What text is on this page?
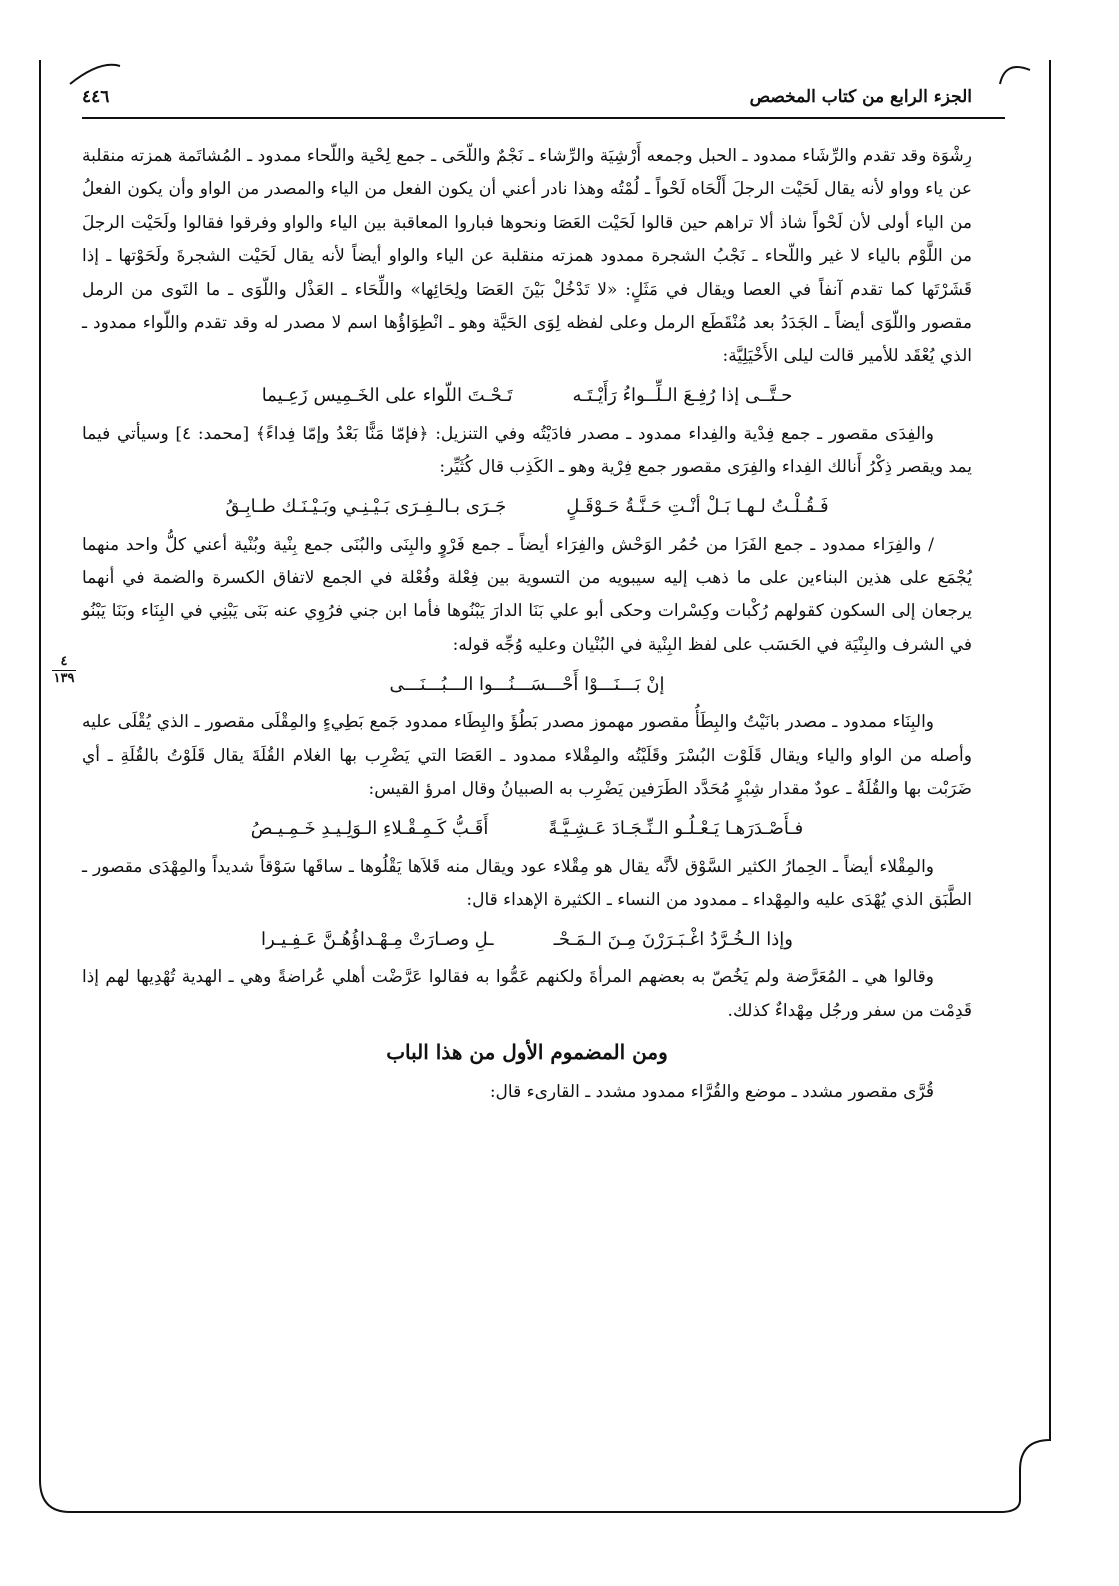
الجزء الرابع من كتاب المخصص
٤٤٦
٤
١٣٩

رِشْوَة وقد تقدم والرِّشَاء ممدود ـ الحبل وجمعه أَرْشِيَة والرِّشاء ـ نَجْمٌ واللّحَى ـ جمع لِحْية واللّحاء ممدود ـ المُشاتَمة همزته منقلبة عن ياء وواو لأنه يقال لَحَيْت الرجلَ أَلْحَاه لَحْواً ـ لُمْتُه وهذا نادر أعني أن يكون الفعل من الياء والمصدر من الواو وأن يكون الفعلُ من الياء أولى لأن لَحْواً شاذ ألا تراهم حين قالوا لَحَيْت العَصَا ونحوها فباروا المعاقبة بين الياء والواو وفرقوا فقالوا ولَحَيْت الرجلَ من اللَّوْم بالياء لا غير واللّحاء ـ نَجْبُ الشجرة ممدود همزته منقلبة عن الياء والواو أيضاً لأنه يقال لَحَيْت الشجرةَ ولَحَوْتها ـ إذا قَشَرْتَها كما تقدم آنفاً في العصا ويقال في مَثَلٍ: «لا تَدْخُلْ بَيْنَ العَصَا ولِحَائِها» واللِّحَاء ـ العَذْل واللّوَى ـ ما التَوى من الرمل مقصور واللّوَى أيضاً ـ الجَدَدُ بعد مُنْقَطَع الرمل وعلى لفظه لِوَى الحَيَّة وهو ـ انْطِوَاؤُها اسم لا مصدر له وقد تقدم واللّواء ممدود ـ الذي يُعْقَد للأمير قالت ليلى الأَخْيَلِيَّة:

حـتَّــى إذا رُفِـعَ الـلِّــواءُ رَأَيْـتَـه
تَـحْـتَ اللّواء على الخَـمِيس زَعِـيما

والفِدَى مقصور ـ جمع فِدْية والفِداء ممدود ـ مصدر فادَيْتُه وفي التنزيل: ﴿فإمّا مَنًّا بَعْدُ وإمّا فِداءً﴾ [محمد: ٤] وسيأتي فيما يمد ويقصر ذِكْرُ أَنالك الفِداء والفِرَى مقصور جمع فِرْية وهو ـ الكَذِب قال كُثَيِّر:

فَـقُـلْـتُ لـهـا بَـلْ أنْـتِ حَـنَّـةُ حَـوْقَـلٍ
جَـرَى بـالـفِـرَى بَـيْـنِـي وبَـيْـنَـك طـابِـقُ

/ والفِرَاء ممدود ـ جمع الفَرَا من حُمُر الوَحْش والفِرَاء أيضاً ـ جمع فَرْوٍ والبِنَى والبُنَى جمع بِنْية وبُنْية أعني كلُّ واحد منهما يُجْمَع على هذين البناءين على ما ذهب إليه سيبويه من التسوية بين فِعْلة وفُعْلة في الجمع لاتفاق الكسرة والضمة في أنهما يرجعان إلى السكون كقولهم رُكْبات وكِسْرات وحكى أبو علي بَنَا الدارَ يَبْنُوها فأما ابن جني فرُوِي عنه بَنَى يَبْنِي في البِنَاء وبَنَا يَبْنُو في الشرف والبِنْيَة في الحَسَب على لفظ البِنْية في البُنْيان وعليه وُجِّه قوله:

إنْ بَـــنَـــوْا أَحْـــسَـــنُـــوا الـــبُـــنَـــى

والبِنَاء ممدود ـ مصدر بانَيْتُ والبِطَأُ مقصور مهموز مصدر بَطُؤَ والبِطَاء ممدود جَمع بَطِيءٍ والمِقْلَى مقصور ـ الذي يُقْلَى عليه وأصله من الواو والياء ويقال قَلَوْت البُسْرَ وقَلَيْتُه والمِقْلاء ممدود ـ العَصَا التي يَضْرِب بها الغلام القُلَةَ يقال قَلَوْتُ بالقُلَةِ ـ أي ضَرَبْت بها والقُلَةُ ـ عودٌ مقدار شِبْرٍ مُحَدَّد الطَرَفين يَضْرِب به الصبيانُ وقال امرؤ القيس:

فـأَصْـدَرَهـا يَـعْـلُـو الـنِّـجَـادَ عَـشِـيَّـةً
أَقَـبُّ كَـمِـقْـلاءِ الـوَلِـيـدِ خَـمِـيـصُ

والمِقْلاء أيضاً ـ الحِمارُ الكثير السَّوْق لأنَّه يقال هو مِقْلاء عود ويقال منه قَلاَها يَقْلُوها ـ ساقَها سَوْقاً شديداً والمِهْدَى مقصور ـ الطَّبَق الذي يُهْدَى عليه والمِهْداء ـ ممدود من النساء ـ الكثيرة الإهداء قال:

وإذا الـخُـرَّدُ اغْـبَـرَرْنَ مِـنَ الـمَـحْـ
ـلِ وصـارَتْ مِـهْـداؤُهُـنَّ عَـفِـيـرا

وقالوا هي ـ المُعَرَّضة ولم يَخُصّ به بعضهم المرأةَ ولكنهم عَمُّوا به فقالوا عَرَّضْت أهلي عُراضةً وهي ـ الهدية تُهْدِيها لهم إذا قَدِمْت من سفر ورجُل مِهْداءٌ كذلك.

ومن المضموم الأول من هذا الباب

قُرَّى مقصور مشدد ـ موضع والقُرَّاء ممدود مشدد ـ القارىء قال:
